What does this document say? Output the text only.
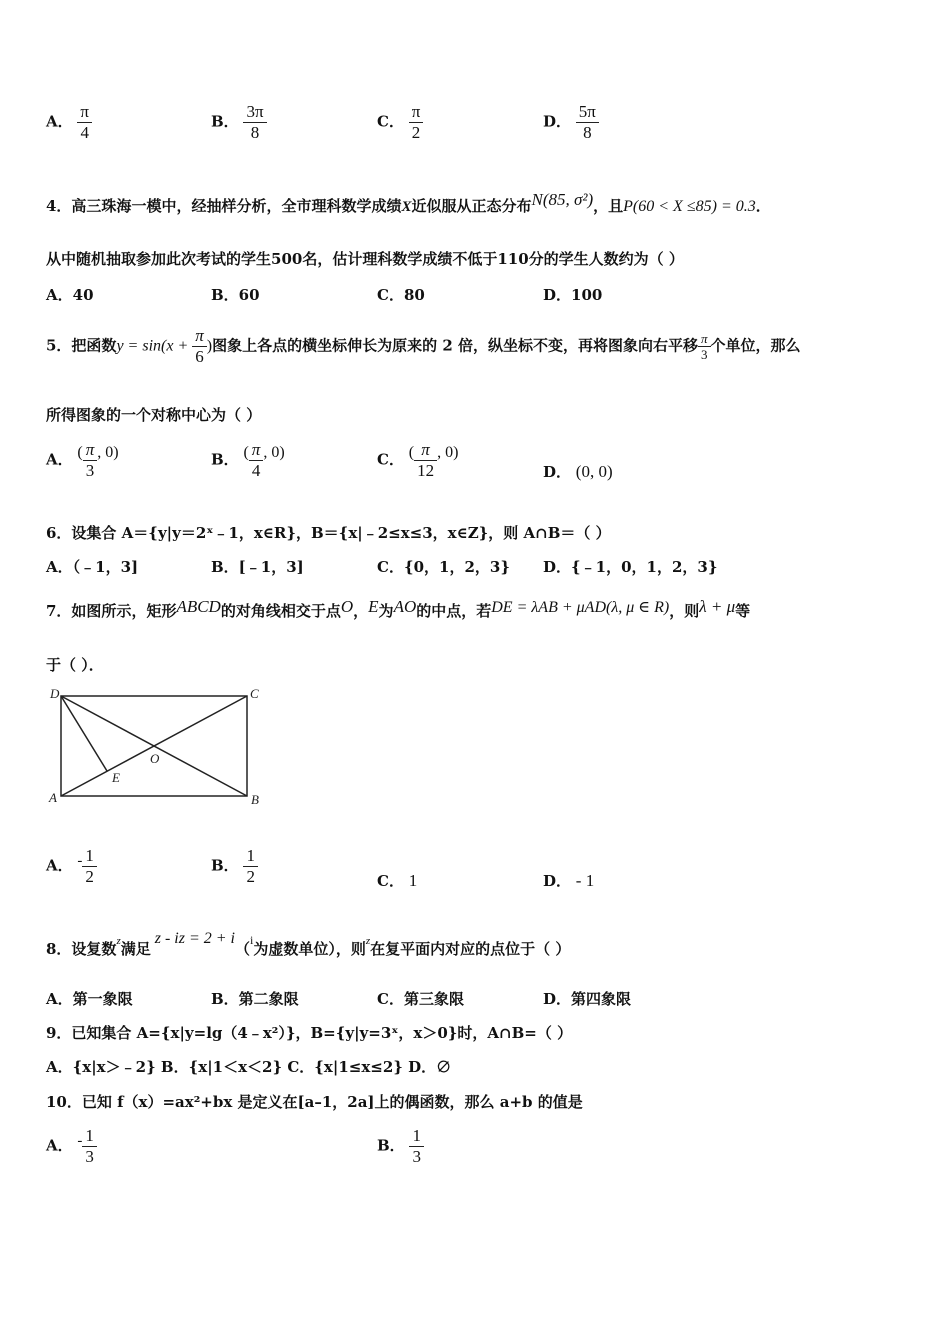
A． $\frac{\pi}{4}$	B． $\frac{3\pi}{8}$	C． $\frac{\pi}{2}$	D． $\frac{5\pi}{8}$
4．高三珠海一模中，经抽样分析，全市理科数学成绩X近似服从正态分布N(85, σ²)，且P(60 < X ≤85) = 0.3．
从中随机抽取参加此次考试的学生500名，估计理科数学成绩不低于110分的学生人数约为（ ）
A．40	B．60	C．80	D．100
5．把函数$y = \sin(x + \frac{\pi}{6}$ )图象上各点的横坐标伸长为原来的 2 倍，纵坐标不变，再将图象向右平移 $\frac{\pi}{3}$ 个单位，那么
所得图象的一个对称中心为（ ）
A． ( $\frac{\pi}{3}$ , 0)	B． ( $\frac{\pi}{4}$ , 0)	C． ( $\frac{\pi}{12}$ , 0)
D． (0, 0)
6．设集合 A＝{y|y＝2ˣ﹣1，x∈R}，B＝{x|﹣2≤x≤3，x∈Z}，则 A∩B＝（ ）
A．（﹣1，3]	B．[﹣1，3]	C．{0，1，2，3} D．{﹣1，0，1，2，3}
7．如图所示，矩形ABCD的对角线相交于点O，E为AO的中点，若DE = λAB + μAD(λ, μ ∈ R)，则λ + μ等
于（ ）．
D	C
A	B
O
E
A． - $\frac{1}{2}$	B． $\frac{1}{2}$	C． 1	D． - 1
8．设复数$^z$满足z - iz = 2 + i（$^i$为虚数单位），则$^z$在复平面内对应的点位于（ ）
A．第一象限	B．第二象限	C．第三象限	D．第四象限
9．已知集合 A={x|y=lg（4﹣x²）}，B={y|y=3ˣ，x＞0}时，A∩B=（ ）
A．{x|x＞﹣2} B．{x|1＜x＜2} C．{x|1≤x≤2} D．∅
10．已知 f（x）=ax²+bx 是定义在[a–1，2a]上的偶函数，那么 a+b 的值是
A． - $\frac{1}{3}$	B． $\frac{1}{3}$
